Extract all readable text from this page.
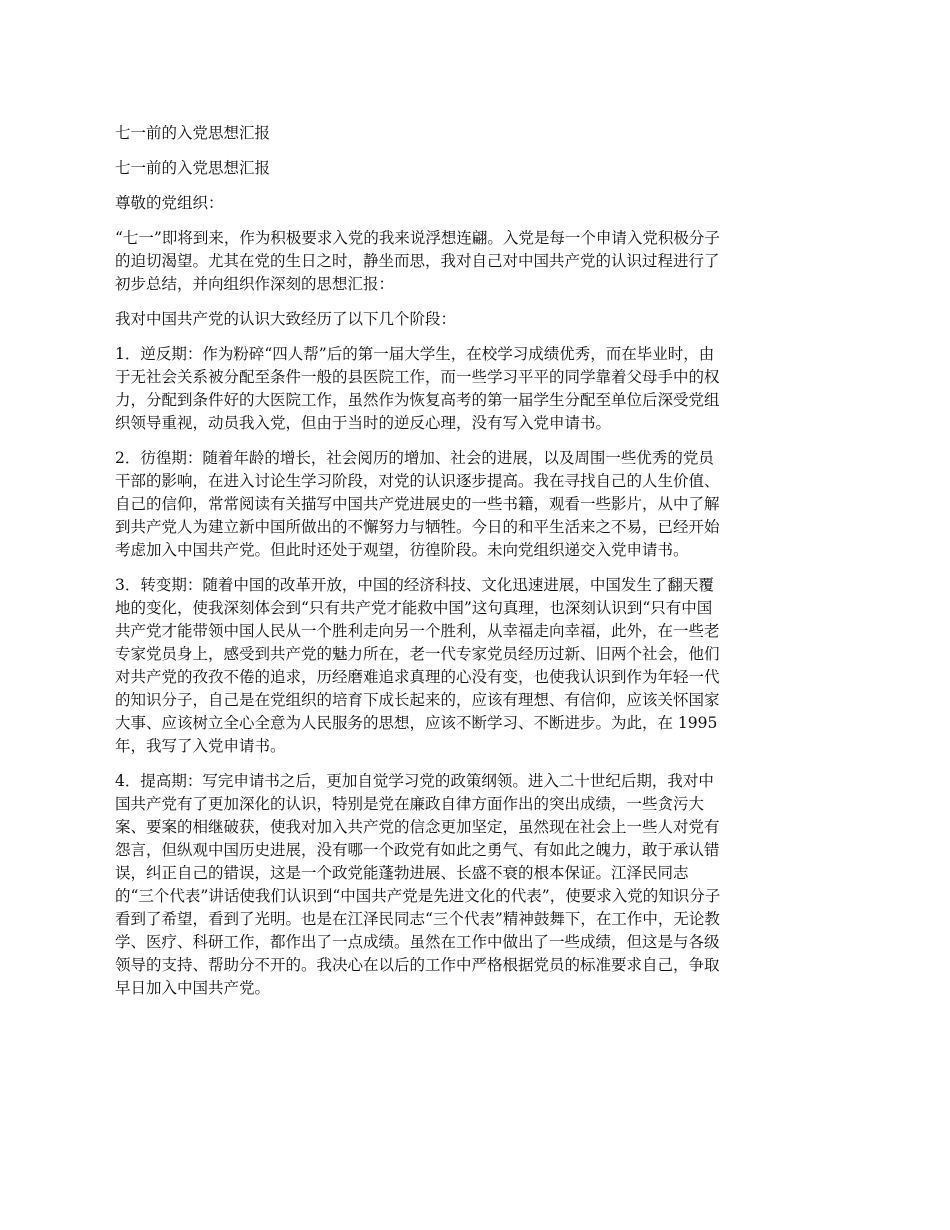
七一前的入党思想汇报

七一前的入党思想汇报

尊敬的党组织：

“七一”即将到来，作为积极要求入党的我来说浮想连翩。入党是每一个申请入党积极分子
的迫切渴望。尤其在党的生日之时，静坐而思，我对自己对中国共产党的认识过程进行了
初步总结，并向组织作深刻的思想汇报：

我对中国共产党的认识大致经历了以下几个阶段：

1．逆反期：作为粉碎“四人帮”后的第一届大学生，在校学习成绩优秀，而在毕业时，由
于无社会关系被分配至条件一般的县医院工作，而一些学习平平的同学靠着父母手中的权
力，分配到条件好的大医院工作，虽然作为恢复高考的第一届学生分配至单位后深受党组
织领导重视，动员我入党，但由于当时的逆反心理，没有写入党申请书。
2．彷徨期：随着年龄的增长，社会阅历的增加、社会的进展，以及周围一些优秀的党员
干部的影响，在进入讨论生学习阶段，对党的认识逐步提高。我在寻找自己的人生价值、
自己的信仰，常常阅读有关描写中国共产党进展史的一些书籍，观看一些影片，从中了解
到共产党人为建立新中国所做出的不懈努力与牺牲。今日的和平生活来之不易，已经开始
考虑加入中国共产党。但此时还处于观望，彷徨阶段。未向党组织递交入党申请书。
3．转变期：随着中国的改革开放，中国的经济科技、文化迅速进展，中国发生了翻天覆
地的变化，使我深刻体会到“只有共产党才能救中国”这句真理，也深刻认识到“只有中国
共产党才能带领中国人民从一个胜利走向另一个胜利，从幸福走向幸福，此外，在一些老
专家党员身上，感受到共产党的魅力所在，老一代专家党员经历过新、旧两个社会，他们
对共产党的孜孜不倦的追求，历经磨难追求真理的心没有变，也使我认识到作为年轻一代
的知识分子，自己是在党组织的培育下成长起来的，应该有理想、有信仰，应该关怀国家
大事、应该树立全心全意为人民服务的思想，应该不断学习、不断进步。为此，在 1995
年，我写了入党申请书。
4．提高期：写完申请书之后，更加自觉学习党的政策纲领。进入二十世纪后期，我对中
国共产党有了更加深化的认识，特别是党在廉政自律方面作出的突出成绩，一些贪污大
案、要案的相继破获，使我对加入共产党的信念更加坚定，虽然现在社会上一些人对党有
怨言，但纵观中国历史进展，没有哪一个政党有如此之勇气、有如此之魄力，敢于承认错
误，纠正自己的错误，这是一个政党能蓬勃进展、长盛不衰的根本保证。江泽民同志
的“三个代表”讲话使我们认识到“中国共产党是先进文化的代表”，使要求入党的知识分子
看到了希望，看到了光明。也是在江泽民同志“三个代表”精神鼓舞下，在工作中，无论教
学、医疗、科研工作，都作出了一点成绩。虽然在工作中做出了一些成绩，但这是与各级
领导的支持、帮助分不开的。我决心在以后的工作中严格根据党员的标准要求自己，争取
早日加入中国共产党。
